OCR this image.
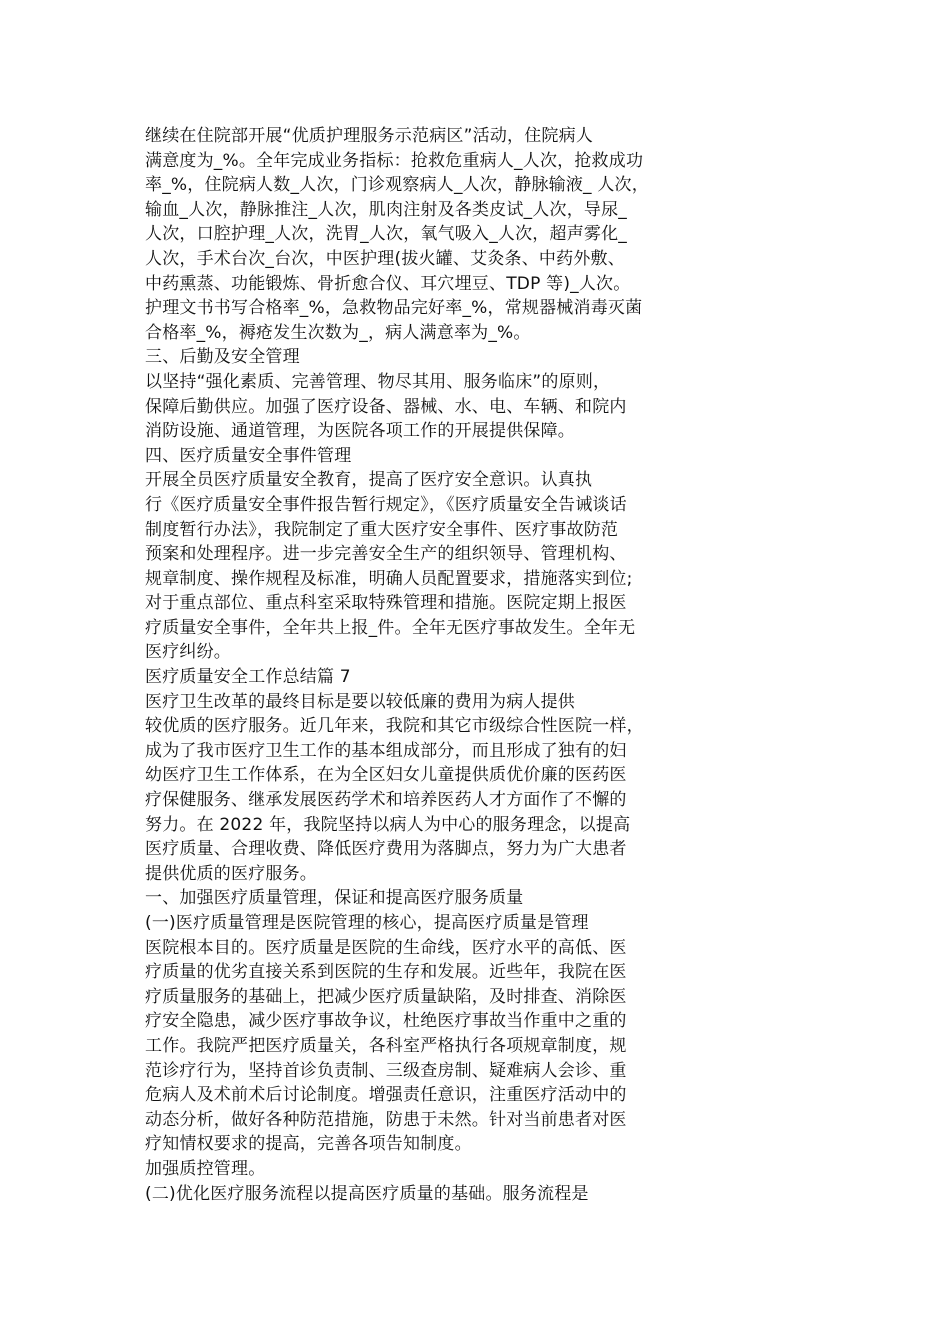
继续在住院部开展“优质护理服务示范病区”活动，住院病人
满意度为_%。全年完成业务指标：抢救危重病人_人次，抢救成功
率_%，住院病人数_人次，门诊观察病人_人次，静脉输液_ 人次，
输血_人次，静脉推注_人次，肌肉注射及各类皮试_人次，导尿_
人次，口腔护理_人次，洗胃_人次，氧气吸入_人次，超声雾化_
人次，手术台次_台次，中医护理(拔火罐、艾灸条、中药外敷、
中药熏蒸、功能锻炼、骨折愈合仪、耳穴埋豆、TDP 等)_人次。
护理文书书写合格率_%，急救物品完好率_%，常规器械消毒灭菌
合格率_%，褥疮发生次数为_，病人满意率为_%。
三、后勤及安全管理
以坚持“强化素质、完善管理、物尽其用、服务临床”的原则，
保障后勤供应。加强了医疗设备、器械、水、电、车辆、和院内
消防设施、通道管理，为医院各项工作的开展提供保障。
四、医疗质量安全事件管理
开展全员医疗质量安全教育，提高了医疗安全意识。认真执
行《医疗质量安全事件报告暂行规定》，《医疗质量安全告诫谈话
制度暂行办法》，我院制定了重大医疗安全事件、医疗事故防范
预案和处理程序。进一步完善安全生产的组织领导、管理机构、
规章制度、操作规程及标准，明确人员配置要求，措施落实到位;
对于重点部位、重点科室采取特殊管理和措施。医院定期上报医
疗质量安全事件，全年共上报_件。全年无医疗事故发生。全年无
医疗纠纷。
医疗质量安全工作总结篇 7
医疗卫生改革的最终目标是要以较低廉的费用为病人提供
较优质的医疗服务。近几年来，我院和其它市级综合性医院一样，
成为了我市医疗卫生工作的基本组成部分，而且形成了独有的妇
幼医疗卫生工作体系，在为全区妇女儿童提供质优价廉的医药医
疗保健服务、继承发展医药学术和培养医药人才方面作了不懈的
努力。在 2022 年，我院坚持以病人为中心的服务理念，以提高
医疗质量、合理收费、降低医疗费用为落脚点，努力为广大患者
提供优质的医疗服务。
一、加强医疗质量管理，保证和提高医疗服务质量
(一)医疗质量管理是医院管理的核心，提高医疗质量是管理
医院根本目的。医疗质量是医院的生命线，医疗水平的高低、医
疗质量的优劣直接关系到医院的生存和发展。近些年，我院在医
疗质量服务的基础上，把减少医疗质量缺陷，及时排查、消除医
疗安全隐患，减少医疗事故争议，杜绝医疗事故当作重中之重的
工作。我院严把医疗质量关，各科室严格执行各项规章制度，规
范诊疗行为，坚持首诊负责制、三级查房制、疑难病人会诊、重
危病人及术前术后讨论制度。增强责任意识，注重医疗活动中的
动态分析，做好各种防范措施，防患于未然。针对当前患者对医
疗知情权要求的提高，完善各项告知制度。
加强质控管理。
(二)优化医疗服务流程以提高医疗质量的基础。服务流程是
